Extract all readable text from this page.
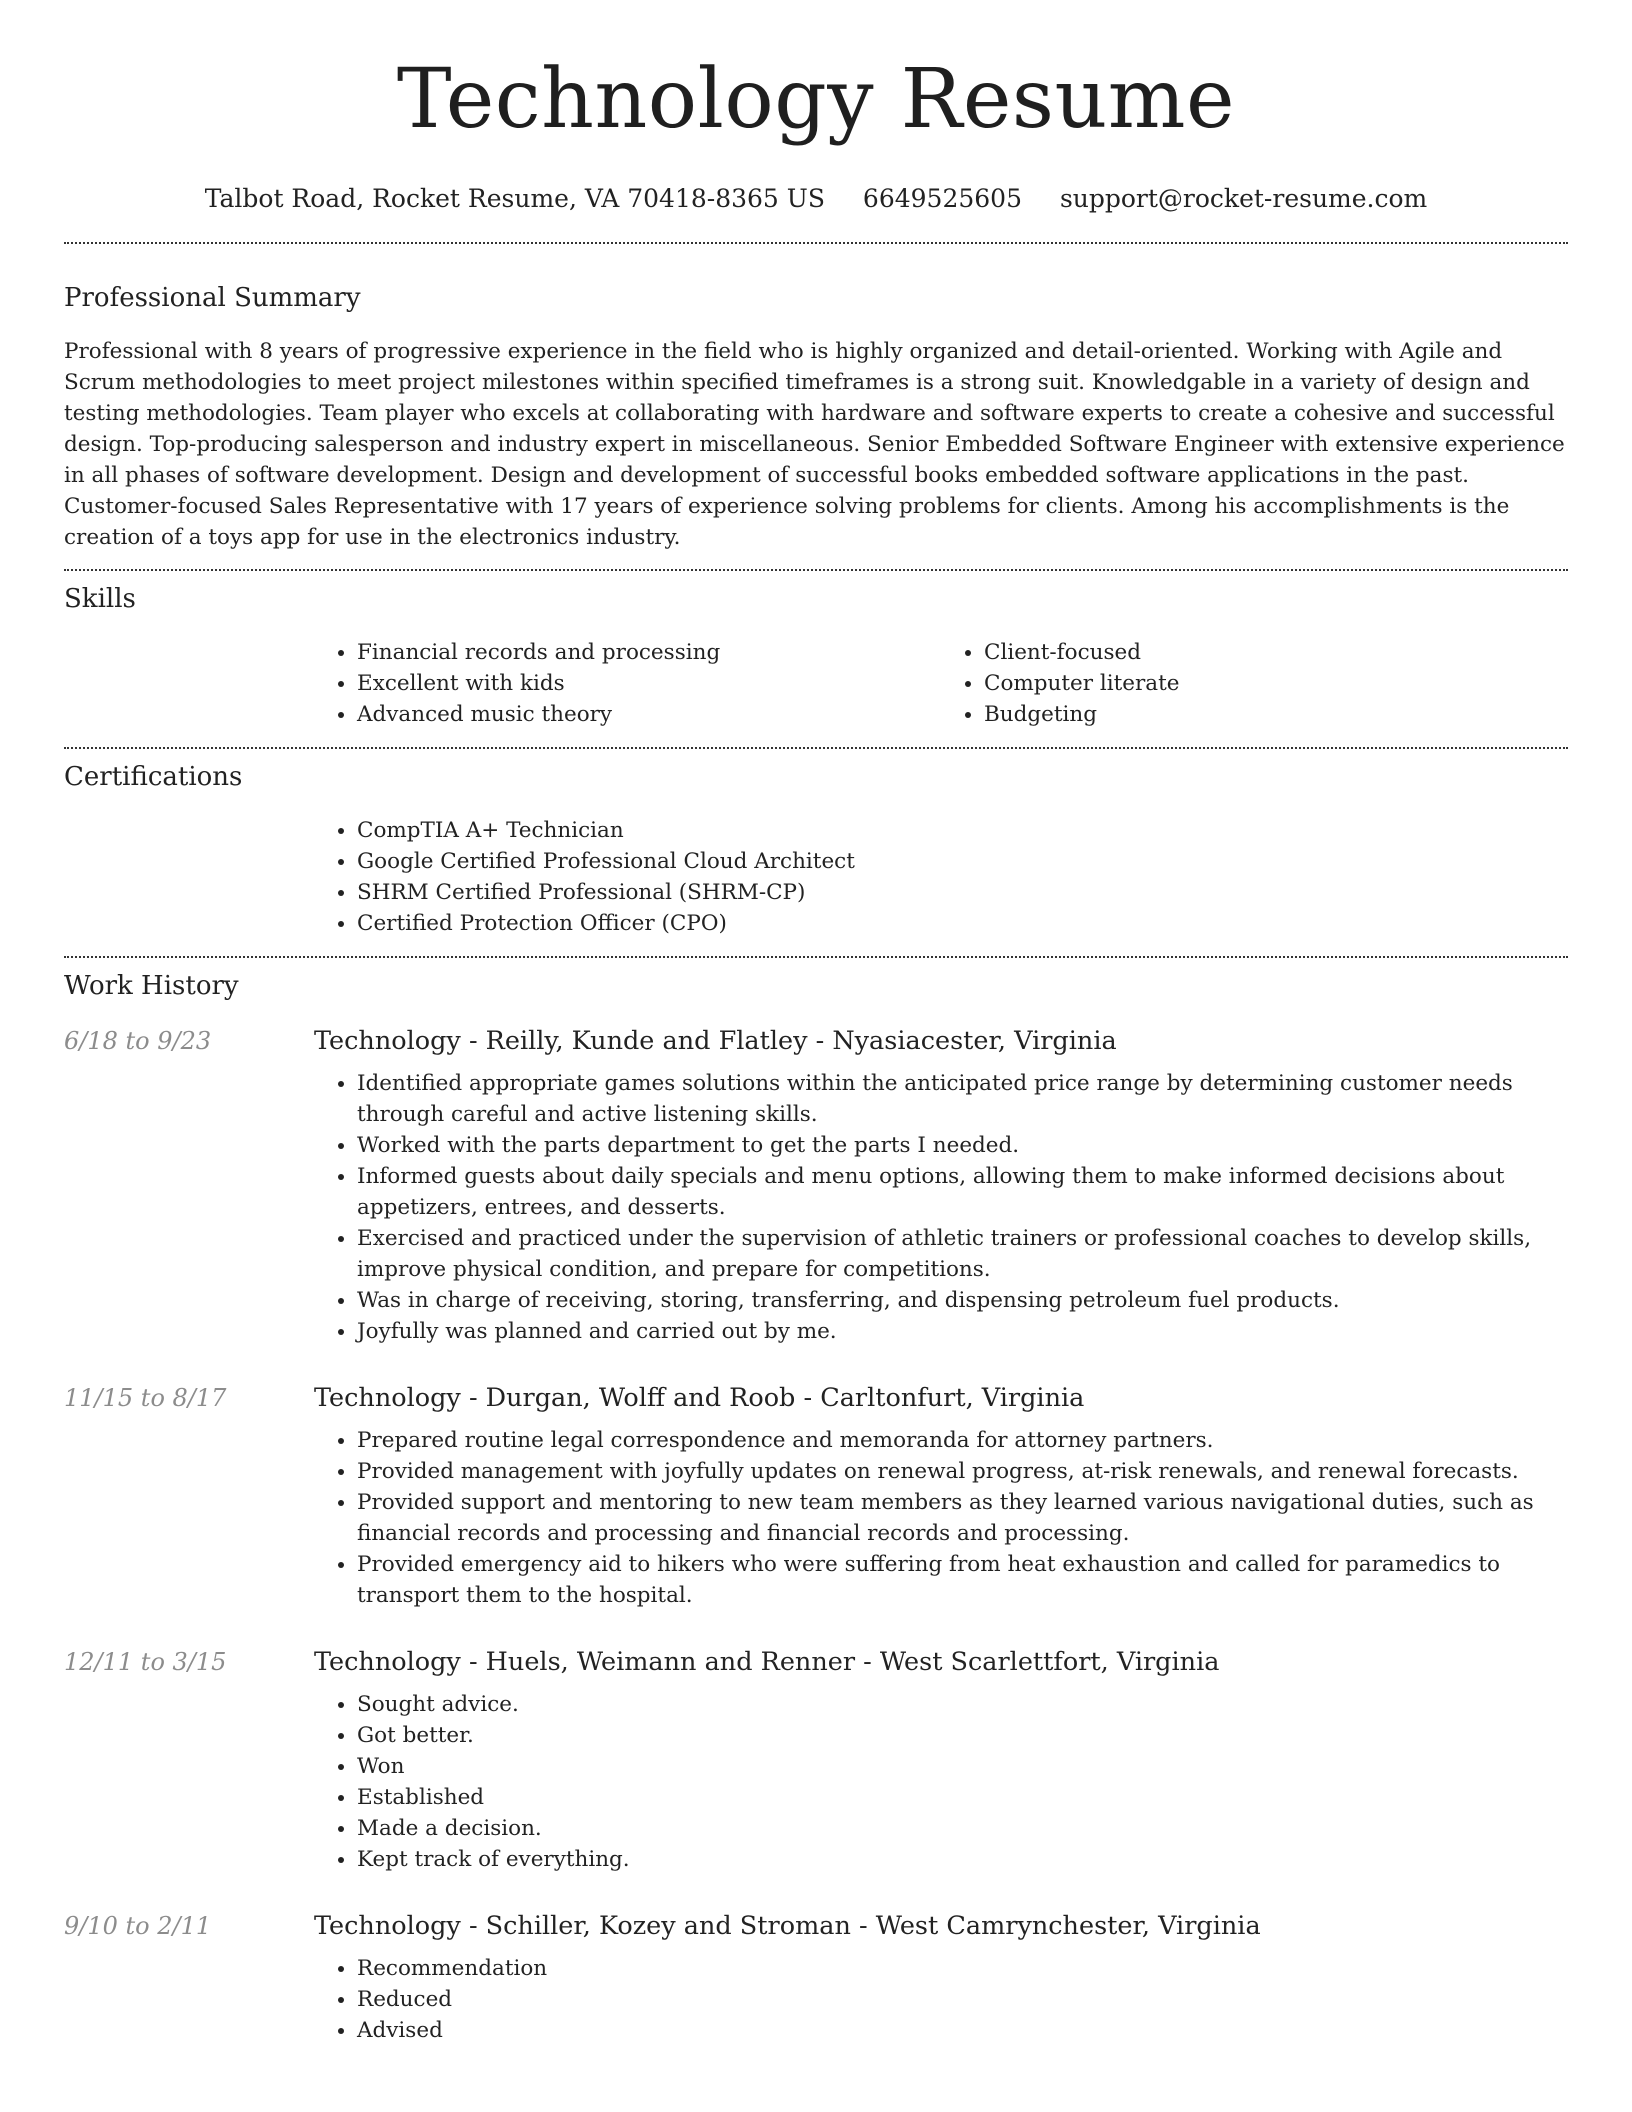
Technology Resume
Talbot Road, Rocket Resume, VA 70418-8365 US 6649525605 support@rocket-resume.com
Professional Summary

Professional with 8 years of progressive experience in the field who is highly organized and detail-oriented. Working with Agile and Scrum methodologies to meet project milestones within specified timeframes is a strong suit. Knowledgable in a variety of design and testing methodologies. Team player who excels at collaborating with hardware and software experts to create a cohesive and successful design. Top-producing salesperson and industry expert in miscellaneous. Senior Embedded Software Engineer with extensive experience in all phases of software development. Design and development of successful books embedded software applications in the past. Customer-focused Sales Representative with 17 years of experience solving problems for clients. Among his accomplishments is the creation of a toys app for use in the electronics industry.

Skills
• Financial records and processing
• Excellent with kids
• Advanced music theory
• Client-focused
• Computer literate
• Budgeting
Certifications
• CompTIA A+ Technician
• Google Certified Professional Cloud Architect
• SHRM Certified Professional (SHRM-CP)
• Certified Protection Officer (CPO)
Work History
6/18 to 9/23	Technology - Reilly, Kunde and Flatley - Nyasiacester, Virginia
• Identified appropriate games solutions within the anticipated price range by determining customer needs through careful and active listening skills.
• Worked with the parts department to get the parts I needed.
• Informed guests about daily specials and menu options, allowing them to make informed decisions about appetizers, entrees, and desserts.
• Exercised and practiced under the supervision of athletic trainers or professional coaches to develop skills, improve physical condition, and prepare for competitions.
• Was in charge of receiving, storing, transferring, and dispensing petroleum fuel products.
• Joyfully was planned and carried out by me.
11/15 to 8/17	Technology - Durgan, Wolff and Roob - Carltonfurt, Virginia
• Prepared routine legal correspondence and memoranda for attorney partners.
• Provided management with joyfully updates on renewal progress, at-risk renewals, and renewal forecasts.
• Provided support and mentoring to new team members as they learned various navigational duties, such as financial records and processing and financial records and processing.
• Provided emergency aid to hikers who were suffering from heat exhaustion and called for paramedics to transport them to the hospital.
12/11 to 3/15	Technology - Huels, Weimann and Renner - West Scarlettfort, Virginia
• Sought advice.
• Got better.
• Won
• Established
• Made a decision.
• Kept track of everything.
9/10 to 2/11	Technology - Schiller, Kozey and Stroman - West Camrynchester, Virginia
• Recommendation
• Reduced
• Advised
